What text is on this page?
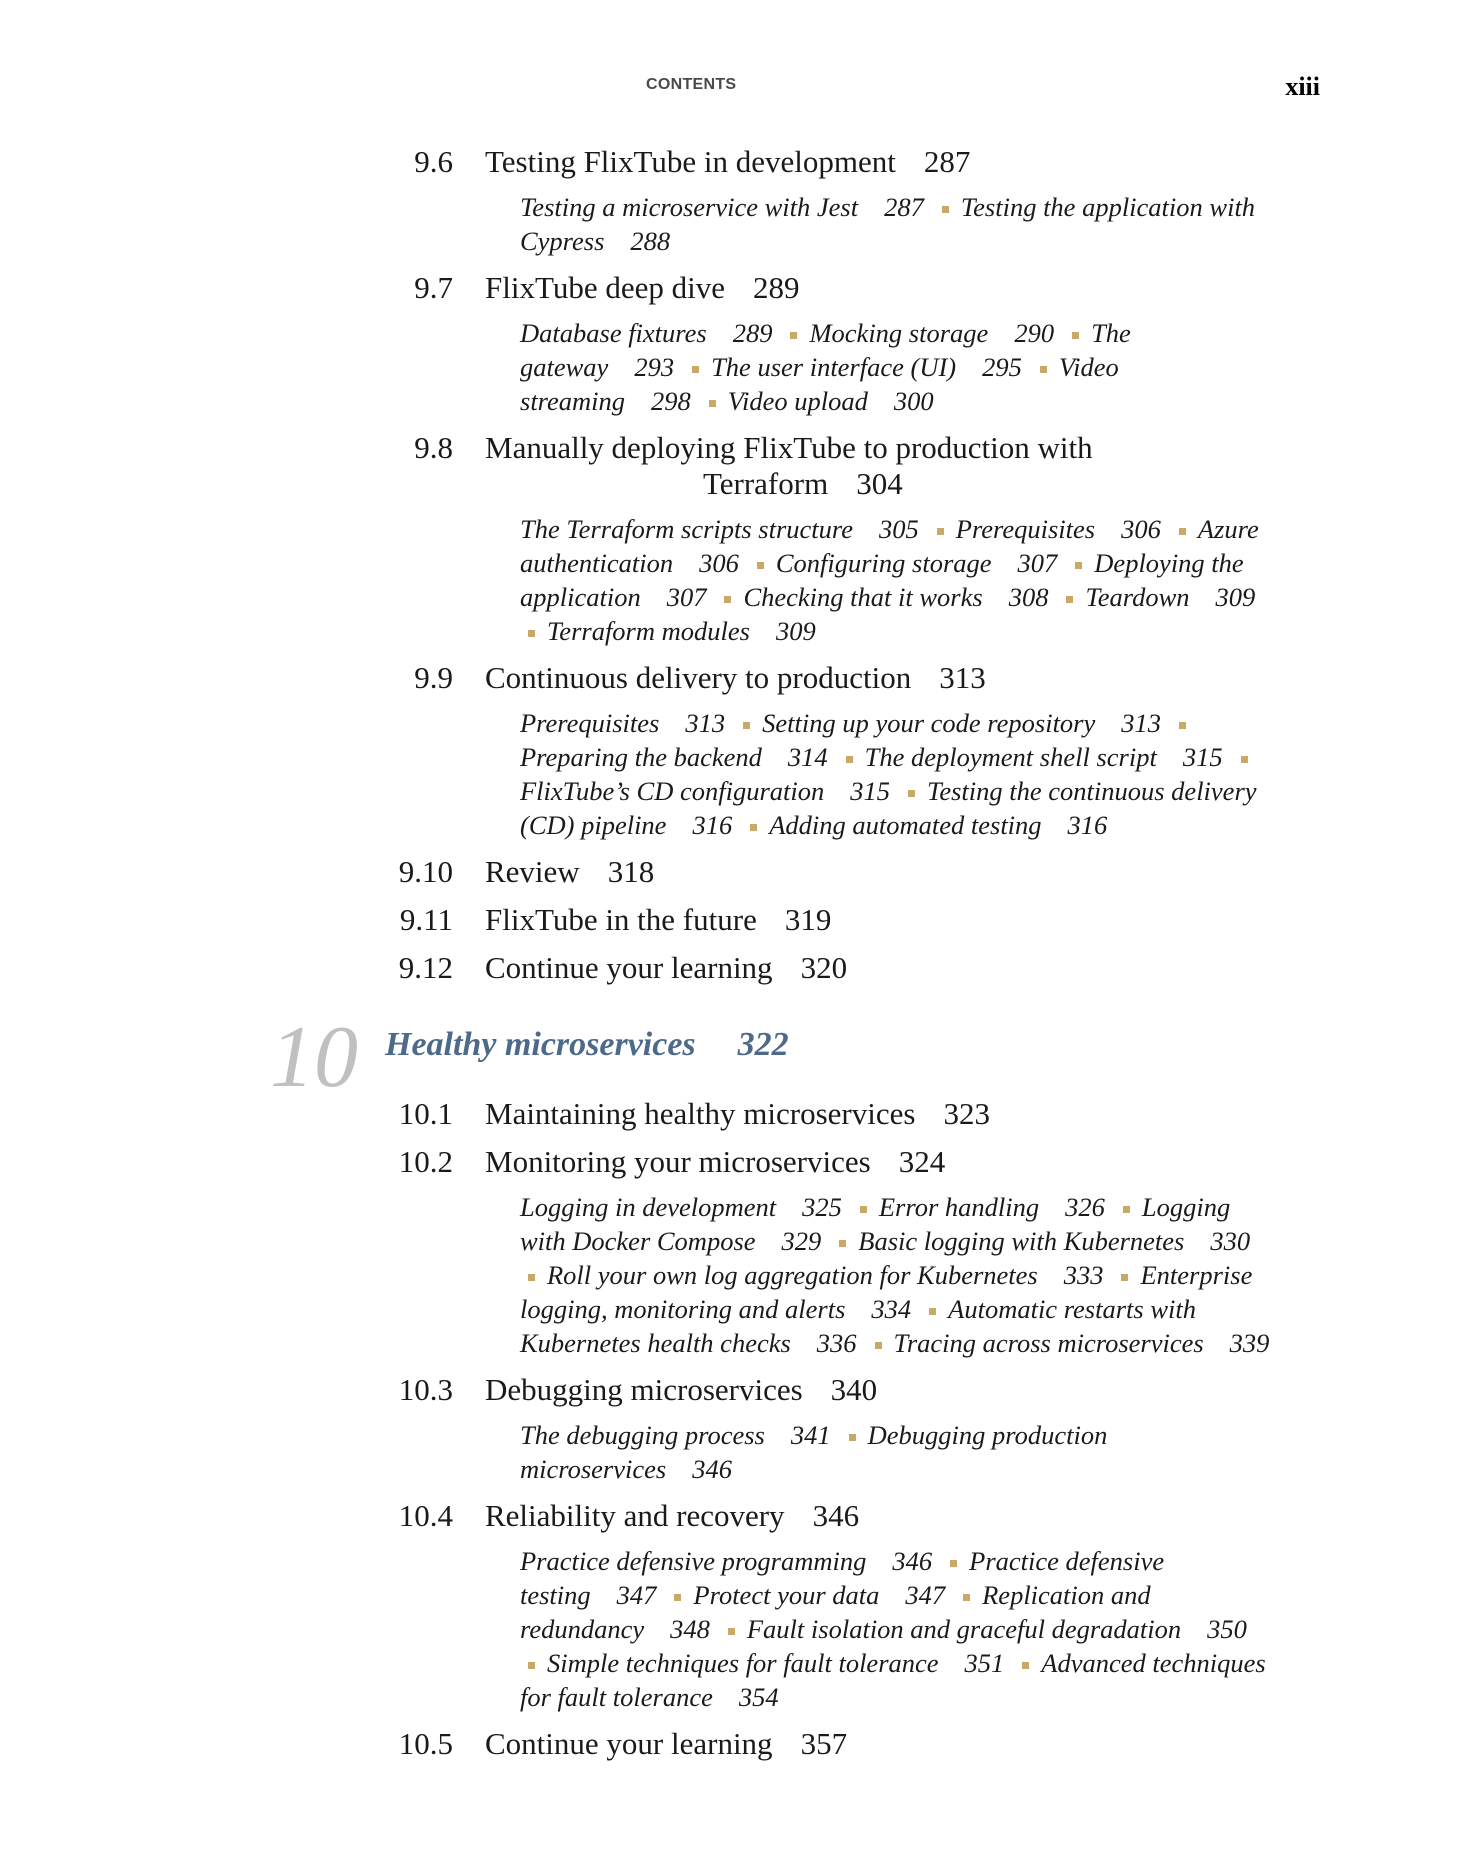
CONTENTS	xiii
9.6 Testing FlixTube in development 287
Testing a microservice with Jest 287 Testing the application with Cypress 288
9.7 FlixTube deep dive 289
Database fixtures 289 Mocking storage 290 The gateway 293 The user interface (UI) 295 Video streaming 298 Video upload 300
9.8 Manually deploying FlixTube to production with
Terraform 304
The Terraform scripts structure 305 Prerequisites 306 Azure authentication 306 Configuring storage 307 Deploying the application 307 Checking that it works 308 Teardown 309Terraform modules 309
9.9 Continuous delivery to production 313
Prerequisites 313 Setting up your code repository 313Preparing the backend 314 The deployment shell script 315FlixTube’s CD configuration 315 Testing the continuous delivery (CD) pipeline 316 Adding automated testing 316
9.10 Review 318
9.11 FlixTube in the future 319
9.12 Continue your learning 320
10 Healthy microservices 322
10.1 Maintaining healthy microservices 323
10.2 Monitoring your microservices 324
Logging in development 325 Error handling 326 Logging with Docker Compose 329 Basic logging with Kubernetes 330Roll your own log aggregation for Kubernetes 333 Enterprise logging, monitoring and alerts 334 Automatic restarts with Kubernetes health checks 336 Tracing across microservices 339
10.3 Debugging microservices 340
The debugging process 341 Debugging production microservices 346
10.4 Reliability and recovery 346
Practice defensive programming 346 Practice defensive testing 347 Protect your data 347 Replication and redundancy 348 Fault isolation and graceful degradation 350Simple techniques for fault tolerance 351 Advanced techniques for fault tolerance 354
10.5 Continue your learning 357
